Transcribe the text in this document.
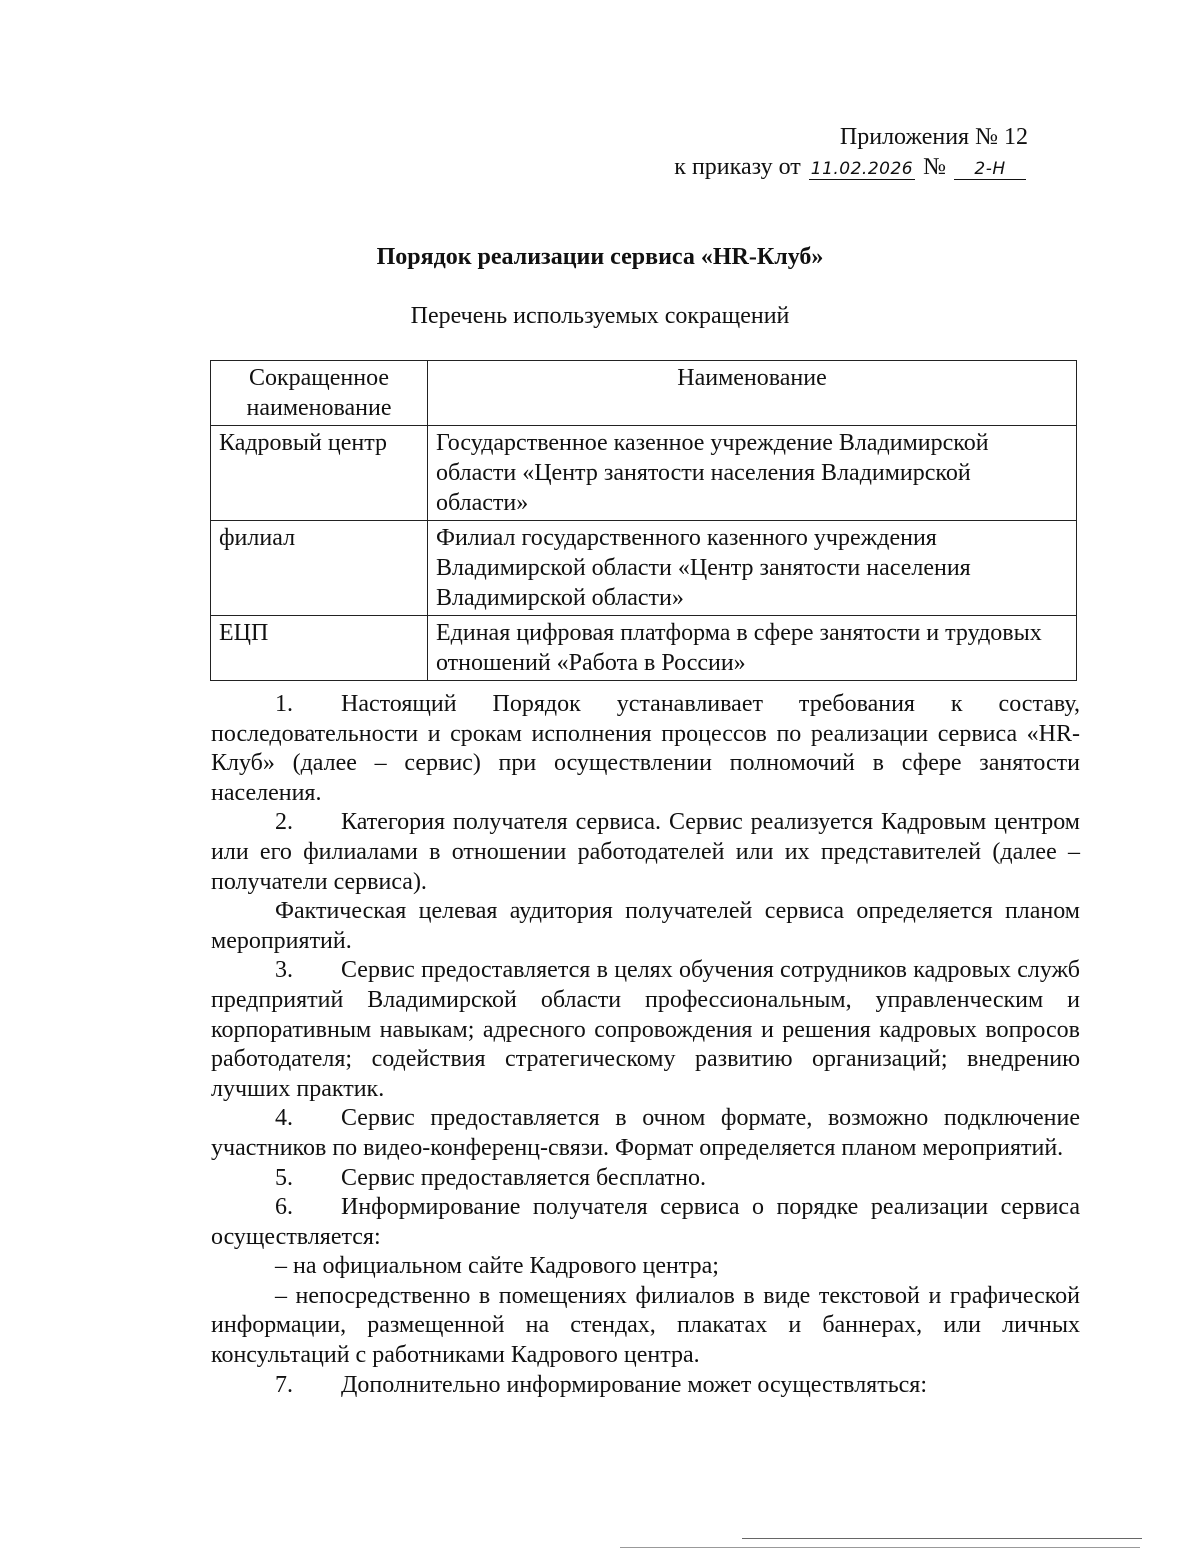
Приложения № 12
к приказу от 11.02.2026 № 2-Н
Порядок реализации сервиса «HR-Клуб»
Перечень используемых сокращений
Сокращенное наименование	Наименование
Кадровый центр	Государственное казенное учреждение Владимирской области «Центр занятости населения Владимирской области»
филиал	Филиал государственного казенного учреждения Владимирской области «Центр занятости населения Владимирской области»
ЕЦП	Единая цифровая платформа в сфере занятости и трудовых отношений «Работа в России»

1. Настоящий Порядок устанавливает требования к составу, последовательности и срокам исполнения процессов по реализации сервиса «HR-Клуб» (далее – сервис) при осуществлении полномочий в сфере занятости населения.

2. Категория получателя сервиса. Сервис реализуется Кадровым центром или его филиалами в отношении работодателей или их представителей (далее – получатели сервиса).

Фактическая целевая аудитория получателей сервиса определяется планом мероприятий.

3. Сервис предоставляется в целях обучения сотрудников кадровых служб предприятий Владимирской области профессиональным, управленческим и корпоративным навыкам; адресного сопровождения и решения кадровых вопросов работодателя; содействия стратегическому развитию организаций; внедрению лучших практик.

4. Сервис предоставляется в очном формате, возможно подключение участников по видео-конференц-связи. Формат определяется планом мероприятий.

5. Сервис предоставляется бесплатно.

6. Информирование получателя сервиса о порядке реализации сервиса осуществляется:

– на официальном сайте Кадрового центра;

– непосредственно в помещениях филиалов в виде текстовой и графической информации, размещенной на стендах, плакатах и баннерах, или личных консультаций с работниками Кадрового центра.

7. Дополнительно информирование может осуществляться:
